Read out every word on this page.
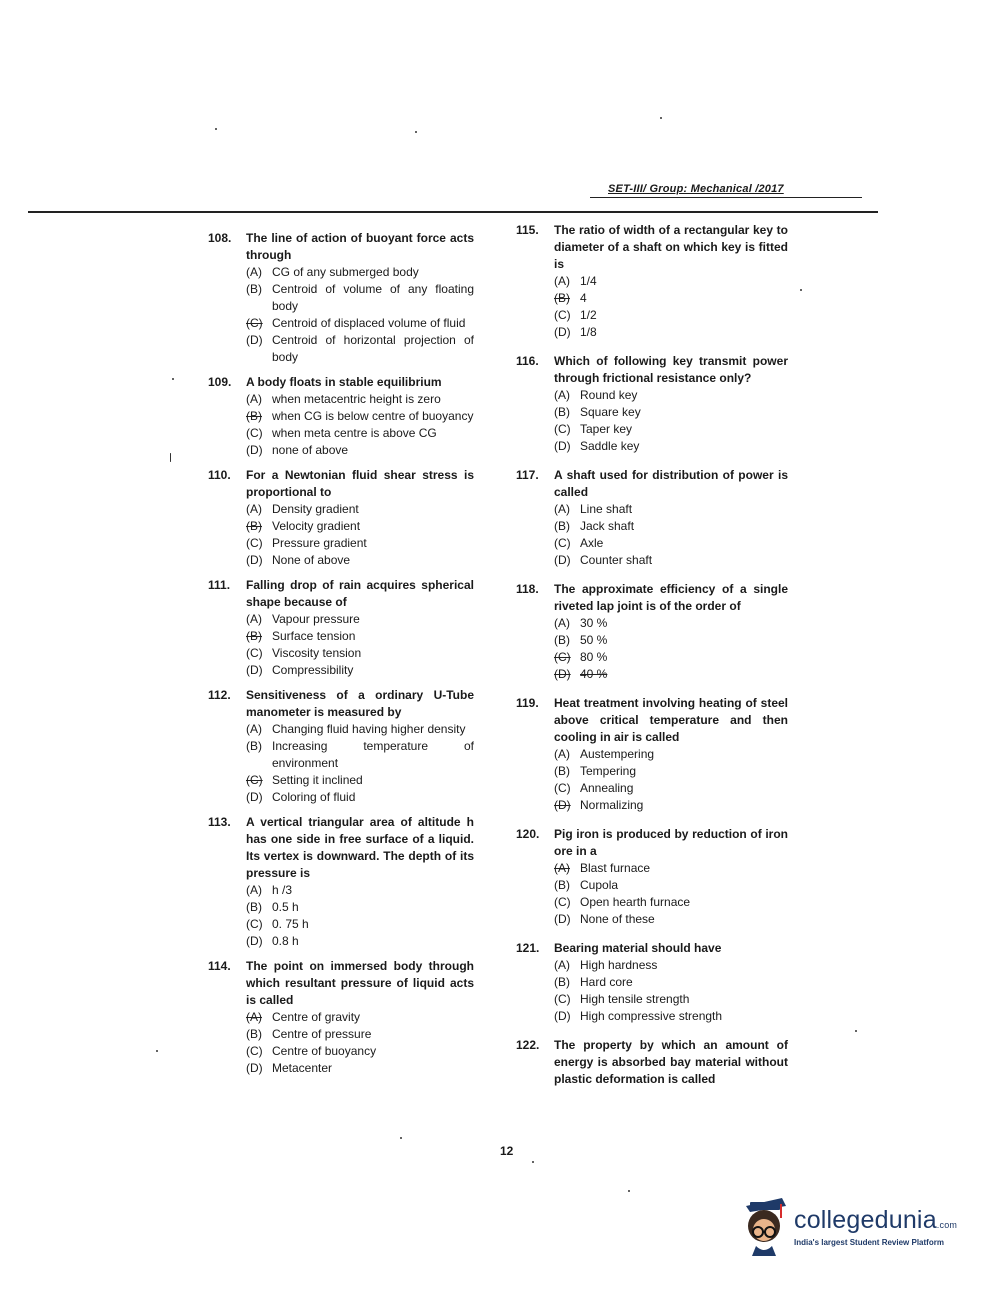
SET-III/ Group: Mechanical /2017
108.	The line of action of buoyant force acts through
(A) CG of any submerged body
(B) Centroid of volume of any floating body
(C) Centroid of displaced volume of fluid
(D) Centroid of horizontal projection of body
109.	A body floats in stable equilibrium
(A) when metacentric height is zero
(B) when CG is below centre of buoyancy
(C) when meta centre is above CG
(D) none of above
110.	For a Newtonian fluid shear stress is proportional to
(A) Density gradient
(B) Velocity gradient
(C) Pressure gradient
(D) None of above
111.	Falling drop of rain acquires spherical shape because of
(A) Vapour pressure
(B) Surface tension
(C) Viscosity tension
(D) Compressibility
112.	Sensitiveness of a ordinary U-Tube manometer is measured by
(A) Changing fluid having higher density
(B) Increasing temperature of environment
(C) Setting it inclined
(D) Coloring of fluid
113.	A vertical triangular area of altitude h has one side in free surface of a liquid. Its vertex is downward. The depth of its pressure is
(A) h /3
(B) 0.5 h
(C) 0. 75 h
(D) 0.8 h
114.	The point on immersed body through which resultant pressure of liquid acts is called
(A) Centre of gravity
(B) Centre of pressure
(C) Centre of buoyancy
(D) Metacenter
115.	The ratio of width of a rectangular key to diameter of a shaft on which key is fitted is
(A) 1/4
(B) 4
(C) 1/2
(D) 1/8
116.	Which of following key transmit power through frictional resistance only?
(A) Round key
(B) Square key
(C) Taper key
(D) Saddle key
117.	A shaft used for distribution of power is called
(A) Line shaft
(B) Jack shaft
(C) Axle
(D) Counter shaft
118.	The approximate efficiency of a single riveted lap joint is of the order of
(A) 30 %
(B) 50 %
(C) 80 %
(D) 40 %
119.	Heat treatment involving heating of steel above critical temperature and then cooling in air is called
(A) Austempering
(B) Tempering
(C) Annealing
(D) Normalizing
120.	Pig iron is produced by reduction of iron ore in a
(A) Blast furnace
(B) Cupola
(C) Open hearth furnace
(D) None of these
121.	Bearing material should have
(A) High hardness
(B) Hard core
(C) High tensile strength
(D) High compressive strength
122.	The property by which an amount of energy is absorbed bay material without plastic deformation is called
12
collegedunia.com
India's largest Student Review Platform
